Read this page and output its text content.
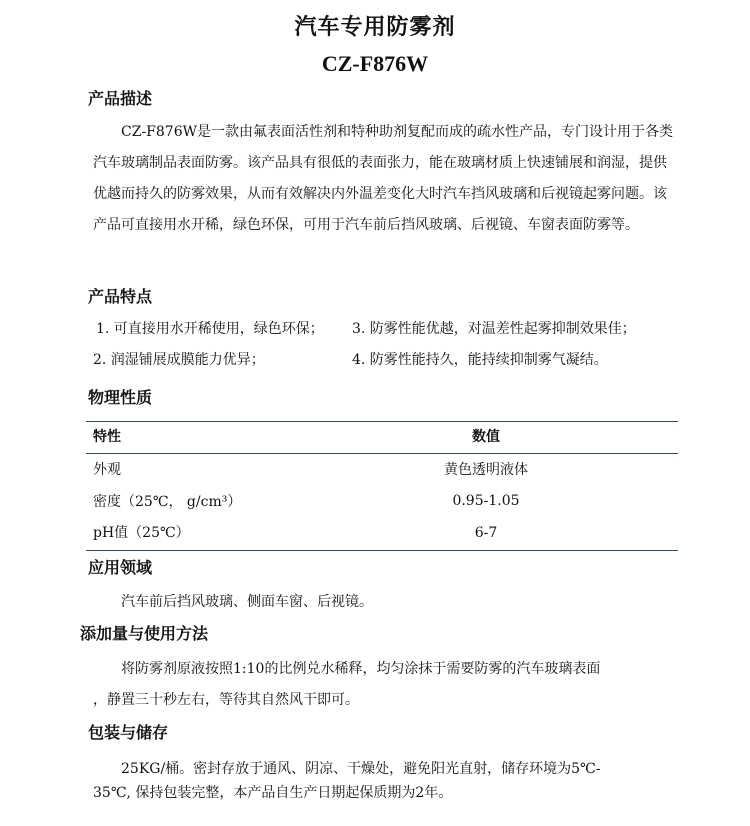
汽车专用防雾剂
CZ-F876W
产品描述

CZ-F876W是一款由氟表面活性剂和特种助剂复配而成的疏水性产品，专门设计用于各类汽车玻璃制品表面防雾。该产品具有很低的表面张力，能在玻璃材质上快速铺展和润湿，提供优越而持久的防雾效果，从而有效解决内外温差变化大时汽车挡风玻璃和后视镜起雾问题。该产品可直接用水开稀，绿色环保，可用于汽车前后挡风玻璃、后视镜、车窗表面防雾等。

产品特点
1. 可直接用水开稀使用，绿色环保； 3. 防雾性能优越，对温差性起雾抑制效果佳；
2. 润湿铺展成膜能力优异；	4. 防雾性能持久，能持续抑制雾气凝结。
物理性质
特性	数值
外观	黄色透明液体
密度（25℃， g/cm³）	0.95-1.05
pH值（25℃）	6-7
应用领域
汽车前后挡风玻璃、侧面车窗、后视镜。
添加量与使用方法
将防雾剂原液按照1:10的比例兑水稀释，均匀涂抹于需要防雾的汽车玻璃表面
，静置三十秒左右，等待其自然风干即可。
包装与储存
25KG/桶。密封存放于通风、阴凉、干燥处，避免阳光直射，储存环境为5℃-
35℃, 保持包装完整，本产品自生产日期起保质期为2年。
